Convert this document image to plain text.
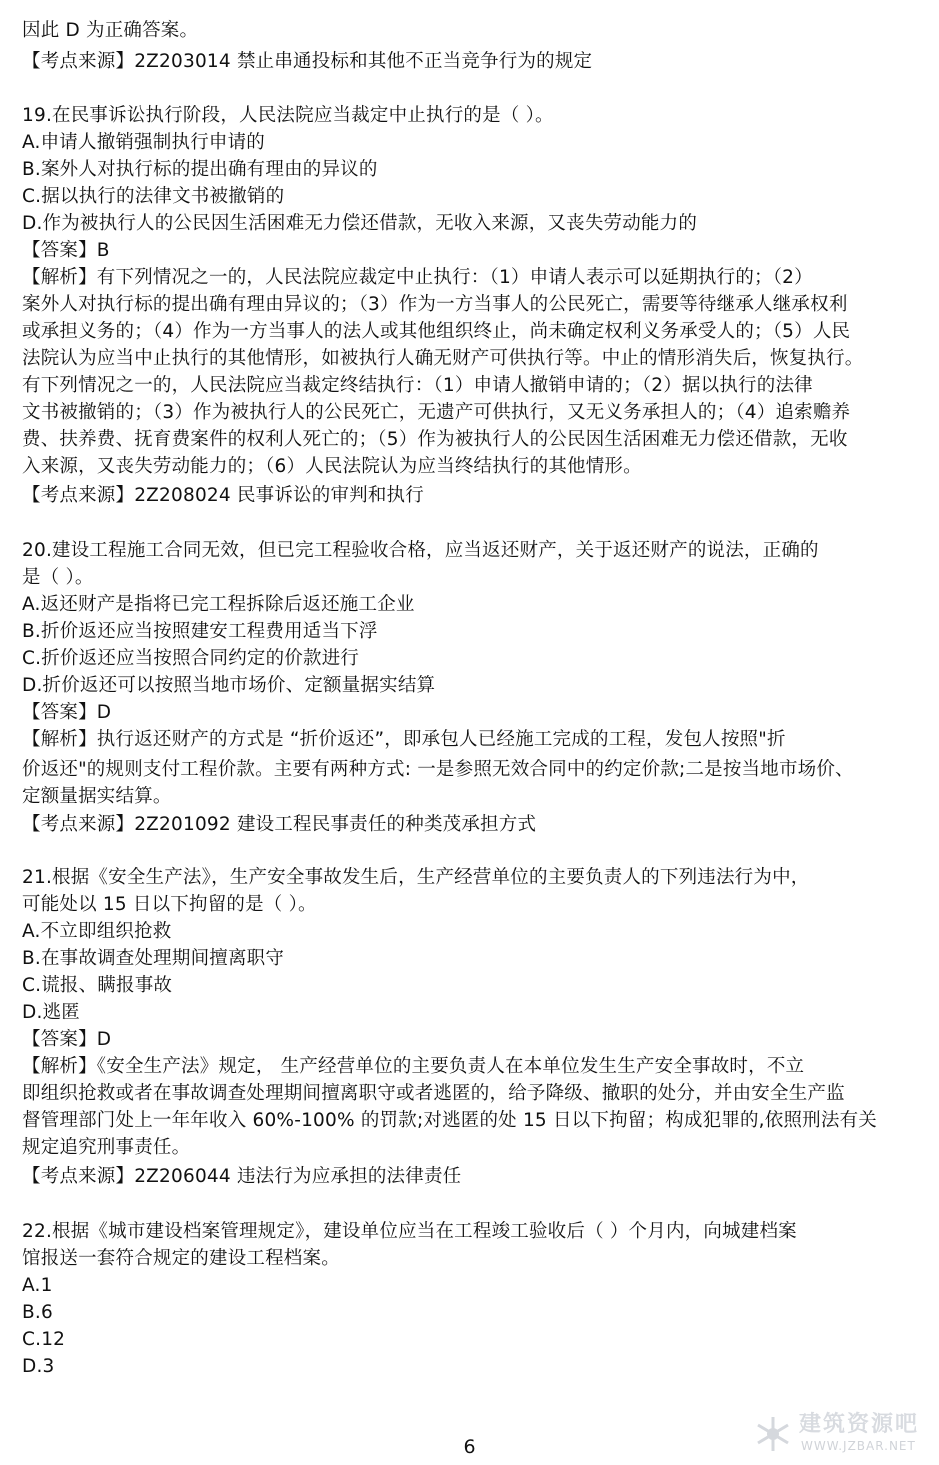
因此 D 为正确答案。
【考点来源】2Z203014 禁止串通投标和其他不正当竞争行为的规定
19.在民事诉讼执行阶段，人民法院应当裁定中止执行的是（ ）。
A.申请人撤销强制执行申请的
B.案外人对执行标的提出确有理由的异议的
C.据以执行的法律文书被撤销的
D.作为被执行人的公民因生活困难无力偿还借款，无收入来源，又丧失劳动能力的
【答案】B
【解析】有下列情况之一的，人民法院应裁定中止执行：（1）申请人表示可以延期执行的；（2）
案外人对执行标的提出确有理由异议的；（3）作为一方当事人的公民死亡，需要等待继承人继承权利
或承担义务的；（4）作为一方当事人的法人或其他组织终止，尚未确定权利义务承受人的；（5）人民
法院认为应当中止执行的其他情形，如被执行人确无财产可供执行等。中止的情形消失后，恢复执行。
有下列情况之一的，人民法院应当裁定终结执行：（1）申请人撤销申请的；（2）据以执行的法律
文书被撤销的；（3）作为被执行人的公民死亡，无遗产可供执行，又无义务承担人的；（4）追索赡养
费、扶养费、抚育费案件的权利人死亡的；（5）作为被执行人的公民因生活困难无力偿还借款，无收
入来源，又丧失劳动能力的；（6）人民法院认为应当终结执行的其他情形。
【考点来源】2Z208024 民事诉讼的审判和执行
20.建设工程施工合同无效，但已完工程验收合格，应当返还财产，关于返还财产的说法，正确的
是（ ）。
A.返还财产是指将已完工程拆除后返还施工企业
B.折价返还应当按照建安工程费用适当下浮
C.折价返还应当按照合同约定的价款进行
D.折价返还可以按照当地市场价、定额量据实结算
【答案】D
【解析】执行返还财产的方式是 “折价返还”，即承包人已经施工完成的工程，发包人按照"折
价返还"的规则支付工程价款。主要有两种方式: 一是参照无效合同中的约定价款;二是按当地市场价、
定额量据实结算。
【考点来源】2Z201092 建设工程民事责任的种类茂承担方式
21.根据《安全生产法》，生产安全事故发生后，生产经营单位的主要负责人的下列违法行为中，
可能处以 15 日以下拘留的是（ ）。
A.不立即组织抢救
B.在事故调查处理期间擅离职守
C.谎报、瞒报事故
D.逃匿
【答案】D
【解析】《安全生产法》规定， 生产经营单位的主要负责人在本单位发生生产安全事故时，不立
即组织抢救或者在事故调查处理期间擅离职守或者逃匿的，给予降级、撤职的处分，并由安全生产监
督管理部门处上一年年收入 60%-100% 的罚款;对逃匿的处 15 日以下拘留；构成犯罪的,依照刑法有关
规定追究刑事责任。
【考点来源】2Z206044 违法行为应承担的法律责任
22.根据《城市建设档案管理规定》，建设单位应当在工程竣工验收后（ ）个月内，向城建档案
馆报送一套符合规定的建设工程档案。
A.1
B.6
C.12
D.3
6
建筑资源吧
WWW.JZBAR.NET
